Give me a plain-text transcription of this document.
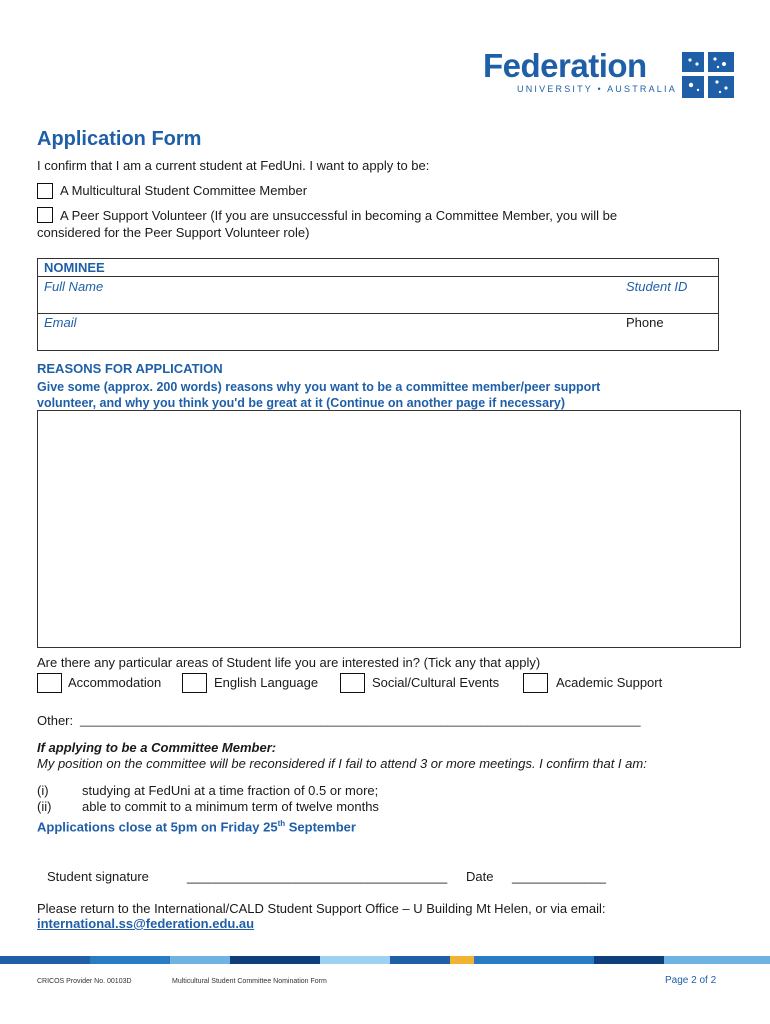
Federation
UNIVERSITY • AUSTRALIA
Application Form
I confirm that I am a current student at FedUni. I want to apply to be:
A Multicultural Student Committee Member
A Peer Support Volunteer (If you are unsuccessful in becoming a Committee Member, you will be
considered for the Peer Support Volunteer role)
NOMINEE
Full Name	Student ID
Email	Phone
REASONS FOR APPLICATION
Give some (approx. 200 words) reasons why you want to be a committee member/peer support
volunteer, and why you think you'd be great at it (Continue on another page if necessary)
Are there any particular areas of Student life you are interested in? (Tick any that apply)
Accommodation	English Language	Social/Cultural Events	Academic Support
Other: ____________________________________________________________________________________
If applying to be a Committee Member:
My position on the committee will be reconsidered if I fail to attend 3 or more meetings. I confirm that I am:
(i)	studying at FedUni at a time fraction of 0.5 or more;
(ii) able to commit to a minimum term of twelve months
Applications close at 5pm on Friday 25th September
Student signature	____________________________________ Date _____________
Please return to the International/CALD Student Support Office – U Building Mt Helen, or via email:
international.ss@federation.edu.au
CRICOS Provider No. 00103D	Multicultural Student Committee Nomination Form	Page 2 of 2
